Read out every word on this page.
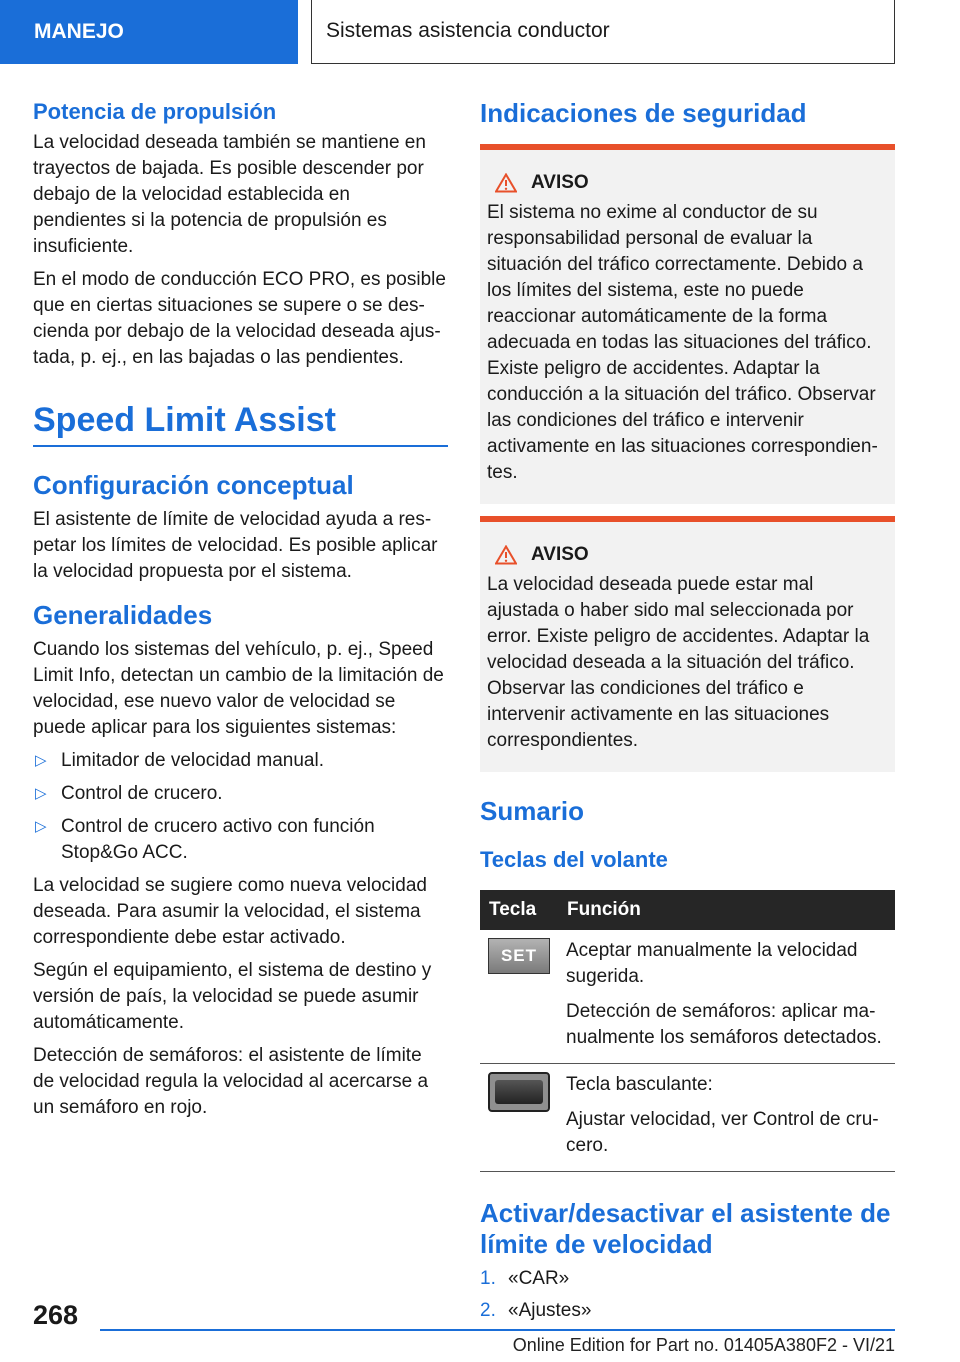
MANEJO	Sistemas asistencia conductor
Potencia de propulsión

La velocidad deseada también se mantiene en trayectos de bajada. Es posible descender por debajo de la velocidad establecida en pendientes si la potencia de propulsión es insuficiente.

En el modo de conducción ECO PRO, es posible que en ciertas situaciones se supere o se descienda por debajo de la velocidad deseada ajustada, p. ej., en las bajadas o las pendientes.

Speed Limit Assist
Configuración conceptual

El asistente de límite de velocidad ayuda a respetar los límites de velocidad. Es posible aplicar la velocidad propuesta por el sistema.

Generalidades

Cuando los sistemas del vehículo, p. ej., Speed Limit Info, detectan un cambio de la limitación de velocidad, ese nuevo valor de velocidad se puede aplicar para los siguientes sistemas:

▷ Limitador de velocidad manual.
▷ Control de crucero.
▷ Control de crucero activo con función Stop&Go ACC.

La velocidad se sugiere como nueva velocidad deseada. Para asumir la velocidad, el sistema correspondiente debe estar activado.

Según el equipamiento, el sistema de destino y versión de país, la velocidad se puede asumir automáticamente.

Detección de semáforos: el asistente de límite de velocidad regula la velocidad al acercarse a un semáforo en rojo.

Indicaciones de seguridad
AVISO

El sistema no exime al conductor de su responsabilidad personal de evaluar la situación del tráfico correctamente. Debido a los límites del sistema, este no puede reaccionar automáticamente de la forma adecuada en todas las situaciones del tráfico. Existe peligro de accidentes. Adaptar la conducción a la situación del tráfico. Observar las condiciones del tráfico e intervenir activamente en las situaciones correspondientes.

AVISO

La velocidad deseada puede estar mal ajustada o haber sido mal seleccionada por error. Existe peligro de accidentes. Adaptar la velocidad deseada a la situación del tráfico. Observar las condiciones del tráfico e intervenir activamente en las situaciones correspondientes.

Sumario
Teclas del volante
Tecla	Función

SET	Aceptar manualmente la velocidad sugerida.

Detección de semáforos: aplicar manualmente los semáforos detectados.

	Tecla basculante:

Ajustar velocidad, ver Control de crucero.

Activar/desactivar el asistente de límite de velocidad
1. «CAR»
2. «Ajustes»
268
Online Edition for Part no. 01405A380F2 - VI/21
